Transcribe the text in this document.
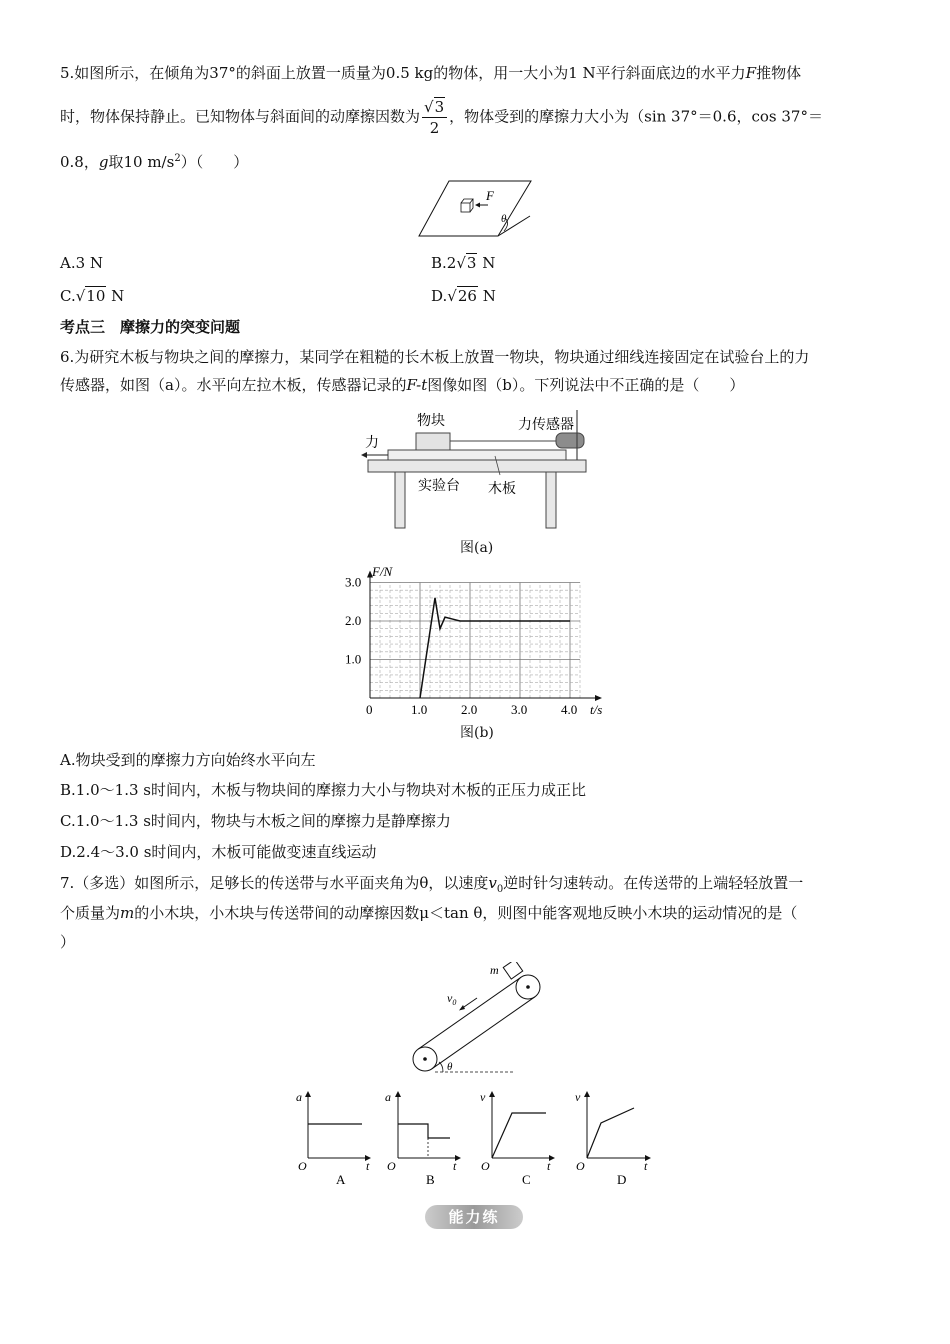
5.如图所示，在倾角为37°的斜面上放置一质量为0.5 kg的物体，用一大小为1 N平行斜面底边的水平力F推物体
时，物体保持静止。已知物体与斜面间的动摩擦因数为 $\frac{√3}{2}$ ，物体受到的摩擦力大小为（sin 37°＝0.6，cos 37°＝
0.8，g取10 $m/s^2$）（　　）
F
θ
A.3 N	B.2√3 N
C.√10 N	D.√26 N
考点三　摩擦力的突变问题
6.为研究木板与物块之间的摩擦力，某同学在粗糙的长木板上放置一物块，物块通过细线连接固定在试验台上的力
传感器，如图（a）。水平向左拉木板，传感器记录的F-t图像如图（b）。下列说法中不正确的是（　　）
物块	力传感器
力
实验台 木板
图(a)
1.0	2.0	3.0	4.0
1.0
2.0
3.0
F/N
t/s
0
图(b)
A.物块受到的摩擦力方向始终水平向左
B.1.0～1.3 s时间内，木板与物块间的摩擦力大小与物块对木板的正压力成正比
C.1.0～1.3 s时间内，物块与木板之间的摩擦力是静摩擦力
D.2.4～3.0 s时间内，木板可能做变速直线运动
7.（多选）如图所示，足够长的传送带与水平面夹角为θ，以速度$v_0$逆时针匀速转动。在传送带的上端轻轻放置一
个质量为m的小木块，小木块与传送带间的动摩擦因数μ＜tan θ，则图中能客观地反映小木块的运动情况的是（
）
m
$v_0$
θ
a
t
O
A
a
t
O
B
v
t
O
C
v
t
O
D
能力练
